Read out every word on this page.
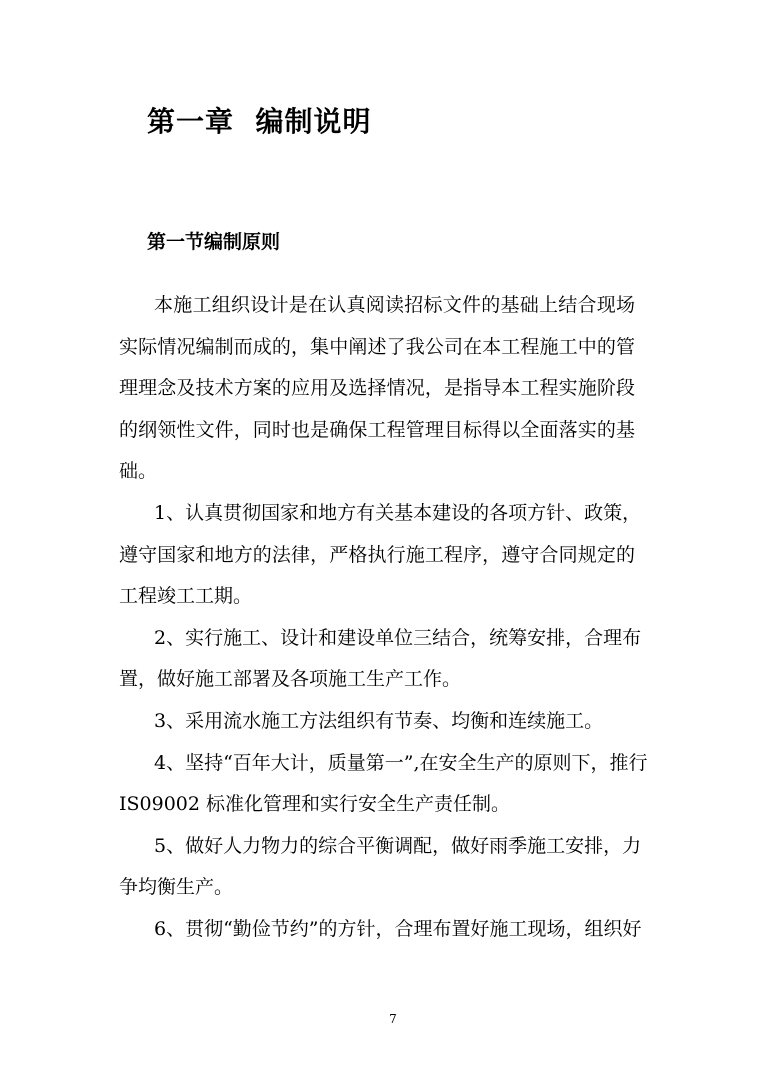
第一章  编制说明
第一节编制原则
本施工组织设计是在认真阅读招标文件的基础上结合现场
实际情况编制而成的，集中阐述了我公司在本工程施工中的管
理理念及技术方案的应用及选择情况，是指导本工程实施阶段
的纲领性文件，同时也是确保工程管理目标得以全面落实的基
础。
1、认真贯彻国家和地方有关基本建设的各项方针、政策，
遵守国家和地方的法律，严格执行施工程序，遵守合同规定的
工程竣工工期。
2、实行施工、设计和建设单位三结合，统筹安排，合理布
置，做好施工部署及各项施工生产工作。
3、采用流水施工方法组织有节奏、均衡和连续施工。
4、坚持“百年大计，质量第一”,在安全生产的原则下，推行
IS09002 标准化管理和实行安全生产责任制。
5、做好人力物力的综合平衡调配，做好雨季施工安排，力
争均衡生产。
6、贯彻“勤俭节约”的方针，合理布置好施工现场，组织好
7
